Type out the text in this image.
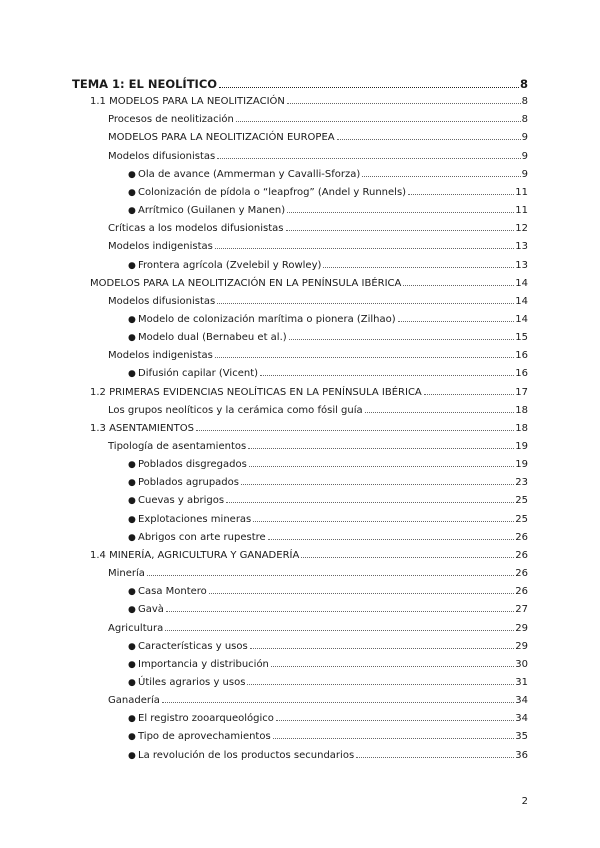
TEMA 1: EL NEOLÍTICO	8
1.1 MODELOS PARA LA NEOLITIZACIÓN	8
Procesos de neolitización	8
MODELOS PARA LA NEOLITIZACIÓN EUROPEA	9
Modelos difusionistas	9
● Ola de avance (Ammerman y Cavalli-Sforza)	9
● Colonización de pídola o “leapfrog” (Andel y Runnels)	11
● Arrítmico (Guilanen y Manen)	11
Críticas a los modelos difusionistas	12
Modelos indigenistas	13
● Frontera agrícola (Zvelebil y Rowley)	13
MODELOS PARA LA NEOLITIZACIÓN EN LA PENÍNSULA IBÉRICA	14
Modelos difusionistas	14
● Modelo de colonización marítima o pionera (Zilhao)	14
● Modelo dual (Bernabeu et al.)	15
Modelos indigenistas	16
● Difusión capilar (Vicent)	16
1.2 PRIMERAS EVIDENCIAS NEOLÍTICAS EN LA PENÍNSULA IBÉRICA	17
Los grupos neolíticos y la cerámica como fósil guía	18
1.3 ASENTAMIENTOS	18
Tipología de asentamientos	19
● Poblados disgregados	19
● Poblados agrupados	23
● Cuevas y abrigos	25
● Explotaciones mineras	25
● Abrigos con arte rupestre	26
1.4 MINERÍA, AGRICULTURA Y GANADERÍA	26
Minería	26
● Casa Montero	26
● Gavà	27
Agricultura	29
● Características y usos	29
● Importancia y distribución	30
● Útiles agrarios y usos	31
Ganadería	34
● El registro zooarqueológico	34
● Tipo de aprovechamientos	35
● La revolución de los productos secundarios	36
2
